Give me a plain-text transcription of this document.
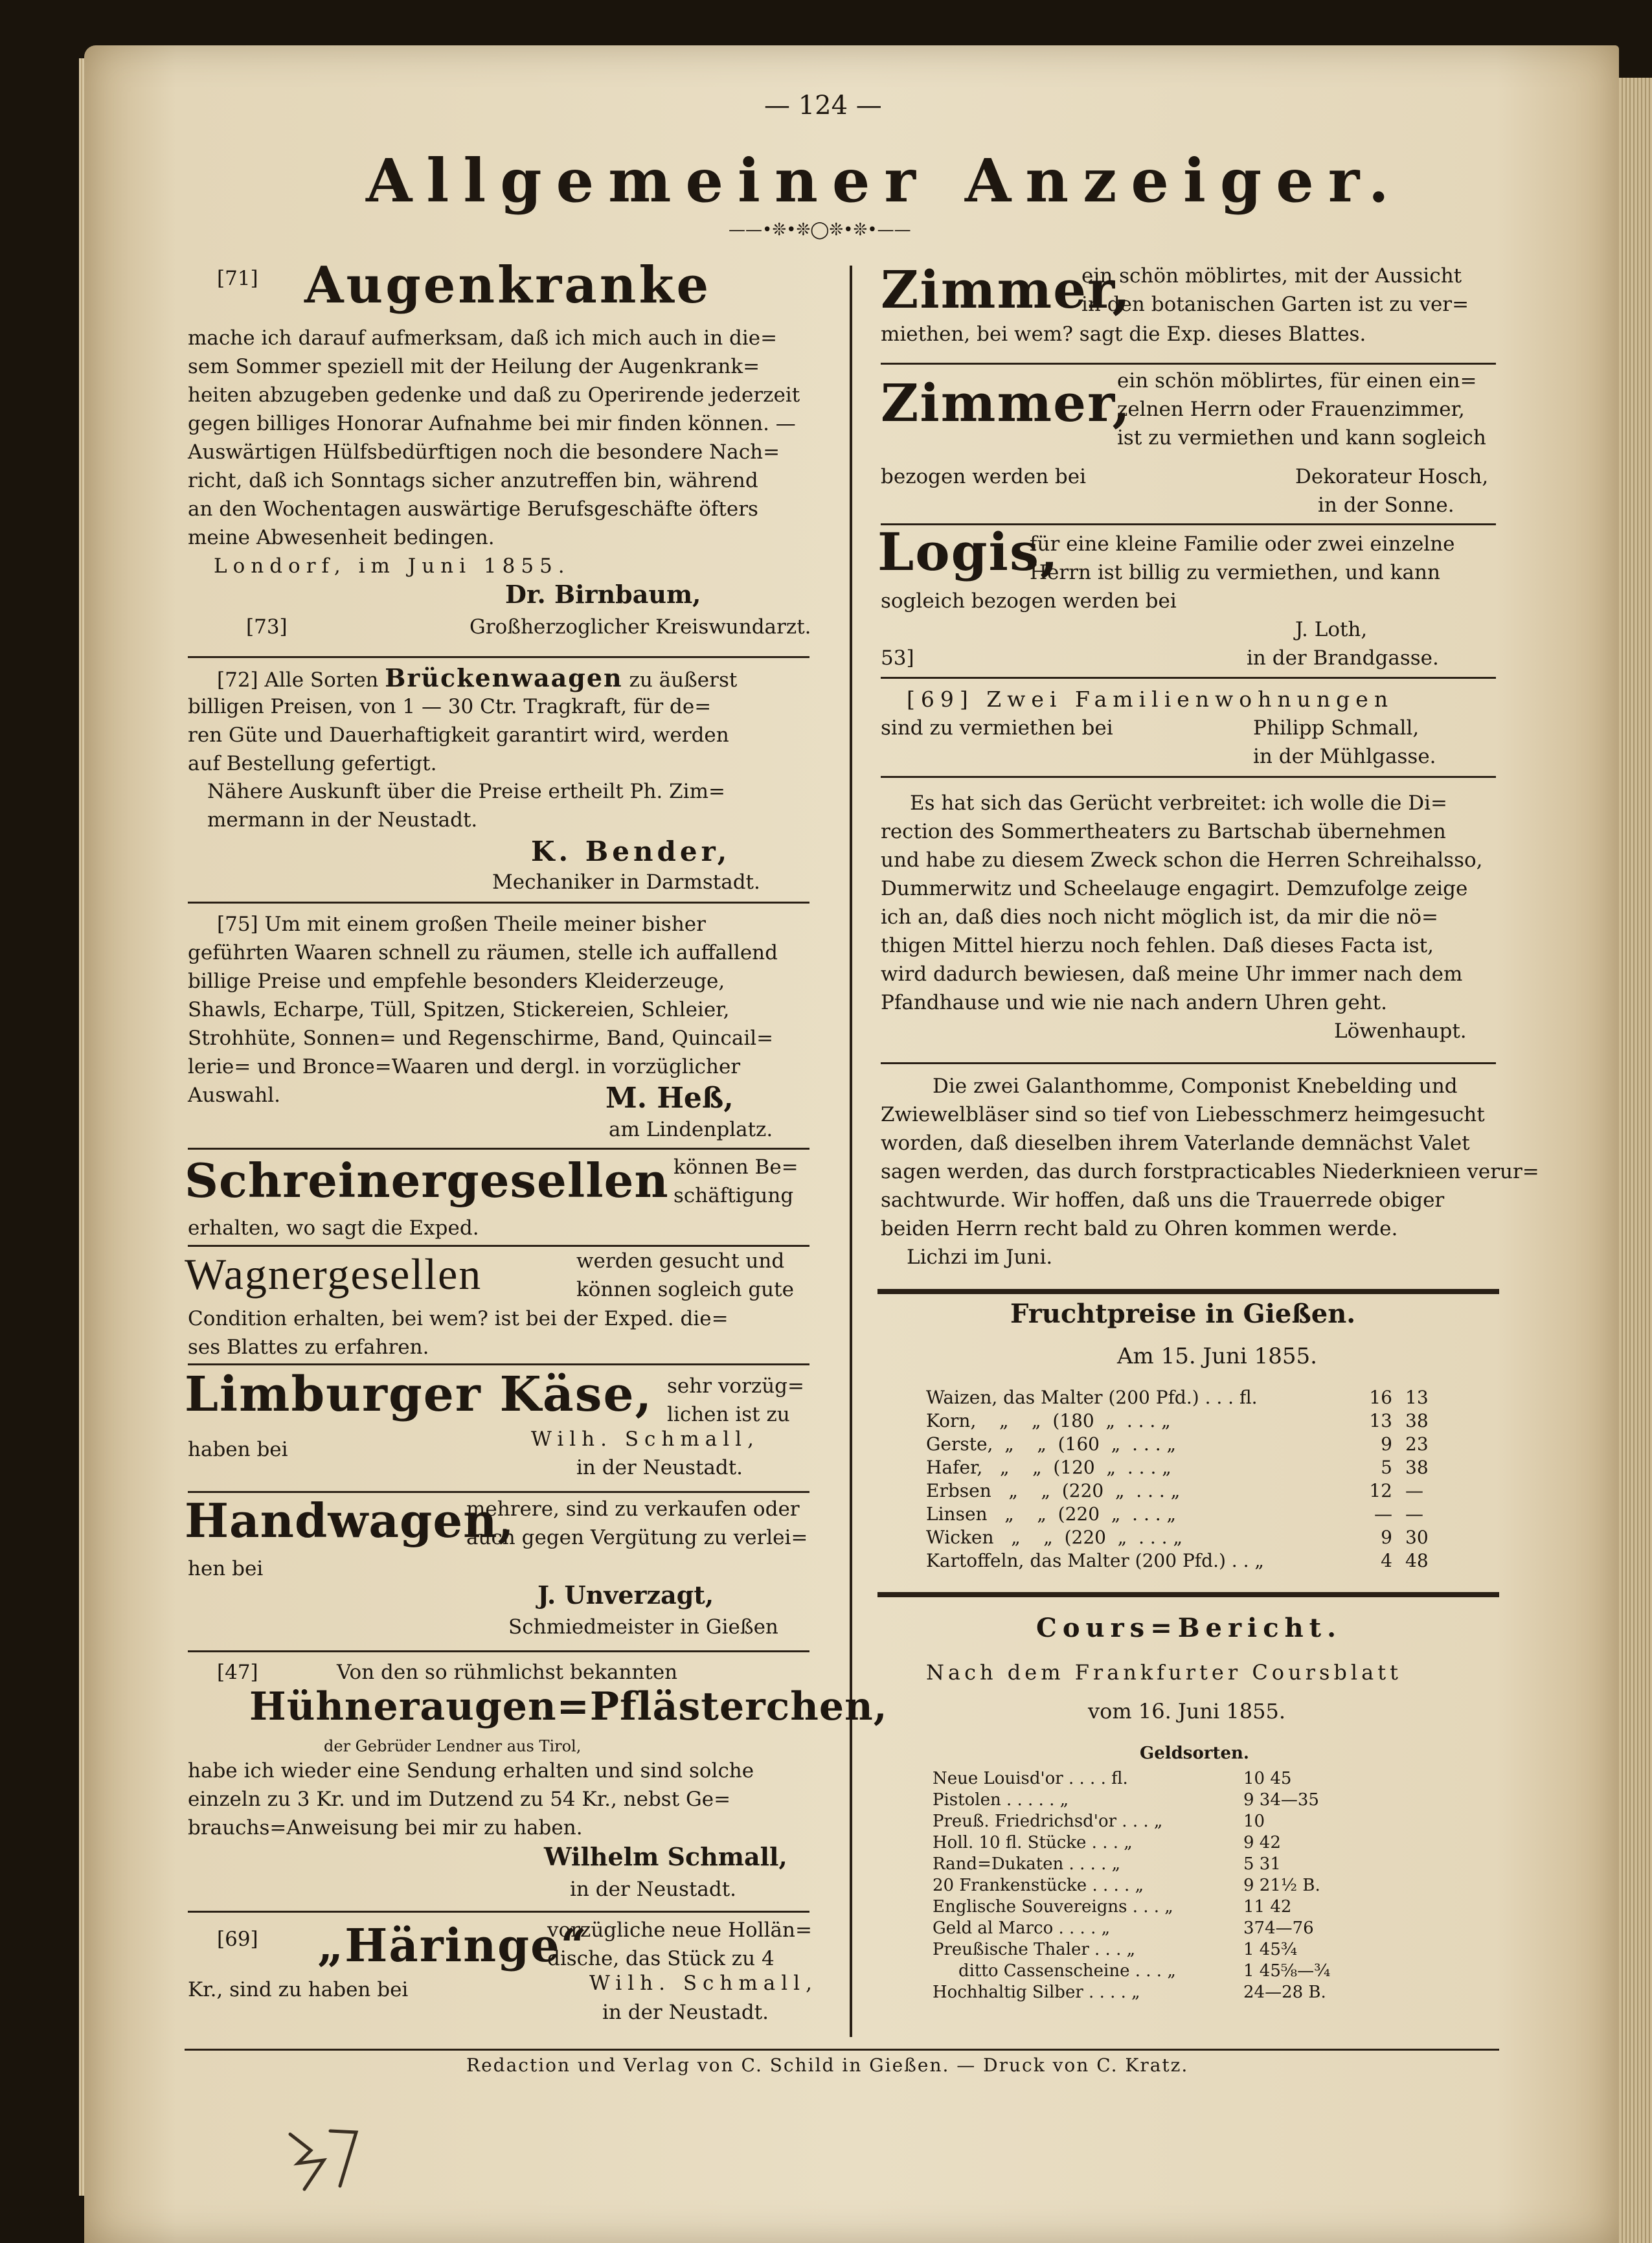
— 124 —

Allgemeiner Anzeiger.

——•❊•❊◯❊•❊•——

[71] Augenkranke

mache ich darauf aufmerksam, daß ich mich auch in die=
sem Sommer speziell mit der Heilung der Augenkrank=
heiten abzugeben gedenke und daß zu Operirende jederzeit
gegen billiges Honorar Aufnahme bei mir finden können. —
Auswärtigen Hülfsbedürftigen noch die besondere Nach=
richt, daß ich Sonntags sicher anzutreffen bin, während
an den Wochentagen auswärtige Berufsgeschäfte öfters
meine Abwesenheit bedingen.

Londorf, im Juni 1855.

Dr. Birnbaum,

[73]	Großherzoglicher Kreiswundarzt.

[72] Alle Sorten Brückenwaagen zu äußerst

billigen Preisen, von 1 — 30 Ctr. Tragkraft, für de=
ren Güte und Dauerhaftigkeit garantirt wird, werden
auf Bestellung gefertigt.
Nähere Auskunft über die Preise ertheilt Ph. Zim=
mermann in der Neustadt.

K. Bender,

Mechaniker in Darmstadt.

[75] Um mit einem großen Theile meiner bisher
geführten Waaren schnell zu räumen, stelle ich auffallend
billige Preise und empfehle besonders Kleiderzeuge,
Shawls, Echarpe, Tüll, Spitzen, Stickereien, Schleier,
Strohhüte, Sonnen= und Regenschirme, Band, Quincail=
lerie= und Bronce=Waaren und dergl. in vorzüglicher
Auswahl.	M. Heß,

am Lindenplatz.

Schreinergesellen können Be=
schäftigung

erhalten, wo sagt die Exped.

Wagnergesellen	werden gesucht und
können sogleich gute
Condition erhalten, bei wem? ist bei der Exped. die=
ses Blattes zu erfahren.

Limburger Käse, sehr vorzüg=
lichen ist zu

haben bei	Wilh. Schmall,

in der Neustadt.

Handwagen,

mehrere, sind zu verkaufen oder
auch gegen Vergütung zu verlei=

hen bei

J. Unverzagt,

Schmiedmeister in Gießen

[47]	Von den so rühmlichst bekannten

Hühneraugen=Pflästerchen,

der Gebrüder Lendner aus Tirol,

habe ich wieder eine Sendung erhalten und sind solche
einzeln zu 3 Kr. und im Dutzend zu 54 Kr., nebst Ge=
brauchs=Anweisung bei mir zu haben.

Wilhelm Schmall,

in der Neustadt.

[69] „Häringe“

vorzügliche neue Hollän=
dische, das Stück zu 4

Kr., sind zu haben bei	Wilh. Schmall,

in der Neustadt.

Zimmer,

ein schön möblirtes, mit der Aussicht
in den botanischen Garten ist zu ver=

miethen, bei wem? sagt die Exp. dieses Blattes.

Zimmer,

ein schön möblirtes, für einen ein=
zelnen Herrn oder Frauenzimmer,
ist zu vermiethen und kann sogleich

bezogen werden bei	Dekorateur Hosch,

in der Sonne.

Logis,

für eine kleine Familie oder zwei einzelne
Herrn ist billig zu vermiethen, und kann

sogleich bezogen werden bei

J. Loth,

53]	in der Brandgasse.

[69] Zwei Familienwohnungen

sind zu vermiethen bei	Philipp Schmall,

in der Mühlgasse.

Es hat sich das Gerücht verbreitet: ich wolle die Di=
rection des Sommertheaters zu Bartschab übernehmen
und habe zu diesem Zweck schon die Herren Schreihalsso,
Dummerwitz und Scheelauge engagirt. Demzufolge zeige
ich an, daß dies noch nicht möglich ist, da mir die nö=
thigen Mittel hierzu noch fehlen. Daß dieses Facta ist,
wird dadurch bewiesen, daß meine Uhr immer nach dem
Pfandhause und wie nie nach andern Uhren geht.

Löwenhaupt.

Die zwei Galanthomme, Componist Knebelding und
Zwiewelbläser sind so tief von Liebesschmerz heimgesucht
worden, daß dieselben ihrem Vaterlande demnächst Valet
sagen werden, das durch forstpracticables Niederknieen verur=
sachtwurde. Wir hoffen, daß uns die Trauerrede obiger
beiden Herrn recht bald zu Ohren kommen werde.
Lichzi im Juni.

Fruchtpreise in Gießen.

Am 15. Juni 1855.

Waizen, das Malter (200 Pfd.) . . . fl.	16 13
Korn,    „    „  (180  „  . . . „	13 38
Gerste,  „    „  (160  „  . . . „	9 23
Hafer,   „    „  (120  „  . . . „	5 38
Erbsen   „    „  (220  „  . . . „	12 —
Linsen   „    „  (220  „  . . . „	— —
Wicken   „    „  (220  „  . . . „	9 30
Kartoffeln, das Malter (200 Pfd.) . . „	4 48

Cours=Bericht.

Nach dem Frankfurter Coursblatt

vom 16. Juni 1855.

Geldsorten.

Neue Louisd'or . . . . fl.	10 45
Pistolen . . . . . „	9 34—35
Preuß. Friedrichsd'or . . . „	10
Holl. 10 fl. Stücke . . . „	9 42
Rand=Dukaten . . . . „	5 31
20 Frankenstücke . . . . „	9 21½ B.
Englische Souvereigns . . . „	11 42
Geld al Marco . . . . „	374—76
Preußische Thaler . . . „	1 45¾
ditto Cassenscheine . . . „	1 45⅝—¾
Hochhaltig Silber . . . . „	24—28 B.

Redaction und Verlag von C. Schild in Gießen. — Druck von C. Kratz.
